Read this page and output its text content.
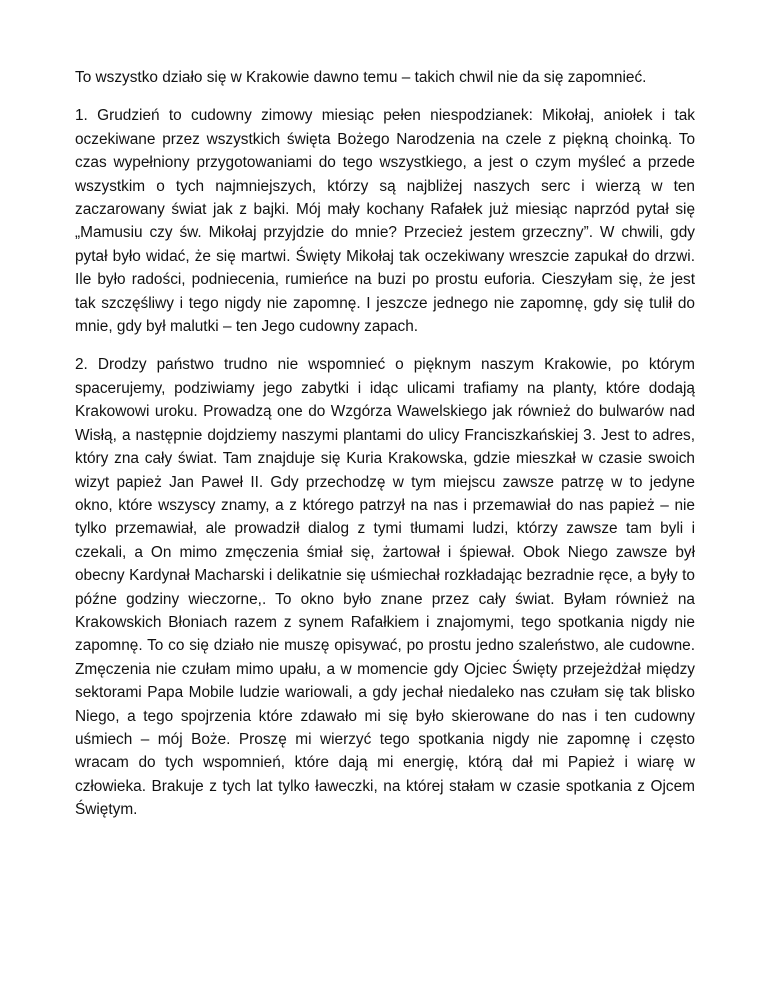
To wszystko działo się w Krakowie dawno temu – takich chwil nie da się zapomnieć.

1. Grudzień to cudowny zimowy miesiąc pełen niespodzianek: Mikołaj, aniołek i tak oczekiwane przez wszystkich święta Bożego Narodzenia na czele z piękną choinką. To czas wypełniony przygotowaniami do tego wszystkiego, a jest o czym myśleć a przede wszystkim o tych najmniejszych, którzy są najbliżej naszych serc i wierzą w ten zaczarowany świat jak z bajki. Mój mały kochany Rafałek już miesiąc naprzód pytał się „Mamusiu czy św. Mikołaj przyjdzie do mnie? Przecież jestem grzeczny”. W chwili, gdy pytał było widać, że się martwi. Święty Mikołaj tak oczekiwany wreszcie zapukał do drzwi. Ile było radości, podniecenia, rumieńce na buzi po prostu euforia. Cieszyłam się, że jest tak szczęśliwy i tego nigdy nie zapomnę. I jeszcze jednego nie zapomnę, gdy się tulił do mnie, gdy był malutki – ten Jego cudowny zapach.

2. Drodzy państwo trudno nie wspomnieć o pięknym naszym Krakowie, po którym spacerujemy, podziwiamy jego zabytki i idąc ulicami trafiamy na planty, które dodają Krakowowi uroku. Prowadzą one do Wzgórza Wawelskiego jak również do bulwarów nad Wisłą, a następnie dojdziemy naszymi plantami do ulicy Franciszkańskiej 3. Jest to adres, który zna cały świat. Tam znajduje się Kuria Krakowska, gdzie mieszkał w czasie swoich wizyt papież Jan Paweł II. Gdy przechodzę w tym miejscu zawsze patrzę w to jedyne okno, które wszyscy znamy, a z którego patrzył na nas i przemawiał do nas papież – nie tylko przemawiał, ale prowadził dialog z tymi tłumami ludzi, którzy zawsze tam byli i czekali, a On mimo zmęczenia śmiał się, żartował i śpiewał. Obok Niego zawsze był obecny Kardynał Macharski i delikatnie się uśmiechał rozkładając bezradnie ręce, a były to późne godziny wieczorne,. To okno było znane przez cały świat. Byłam również na Krakowskich Błoniach razem z synem Rafałkiem i znajomymi, tego spotkania nigdy nie zapomnę. To co się działo nie muszę opisywać, po prostu jedno szaleństwo, ale cudowne. Zmęczenia nie czułam mimo upału, a w momencie gdy Ojciec Święty przejeżdżał między sektorami Papa Mobile ludzie wariowali, a gdy jechał niedaleko nas czułam się tak blisko Niego, a tego spojrzenia które zdawało mi się było skierowane do nas i ten cudowny uśmiech – mój Boże. Proszę mi wierzyć tego spotkania nigdy nie zapomnę i często wracam do tych wspomnień, które dają mi energię, którą dał mi Papież i wiarę w człowieka. Brakuje z tych lat tylko ławeczki, na której stałam w czasie spotkania z Ojcem Świętym.
